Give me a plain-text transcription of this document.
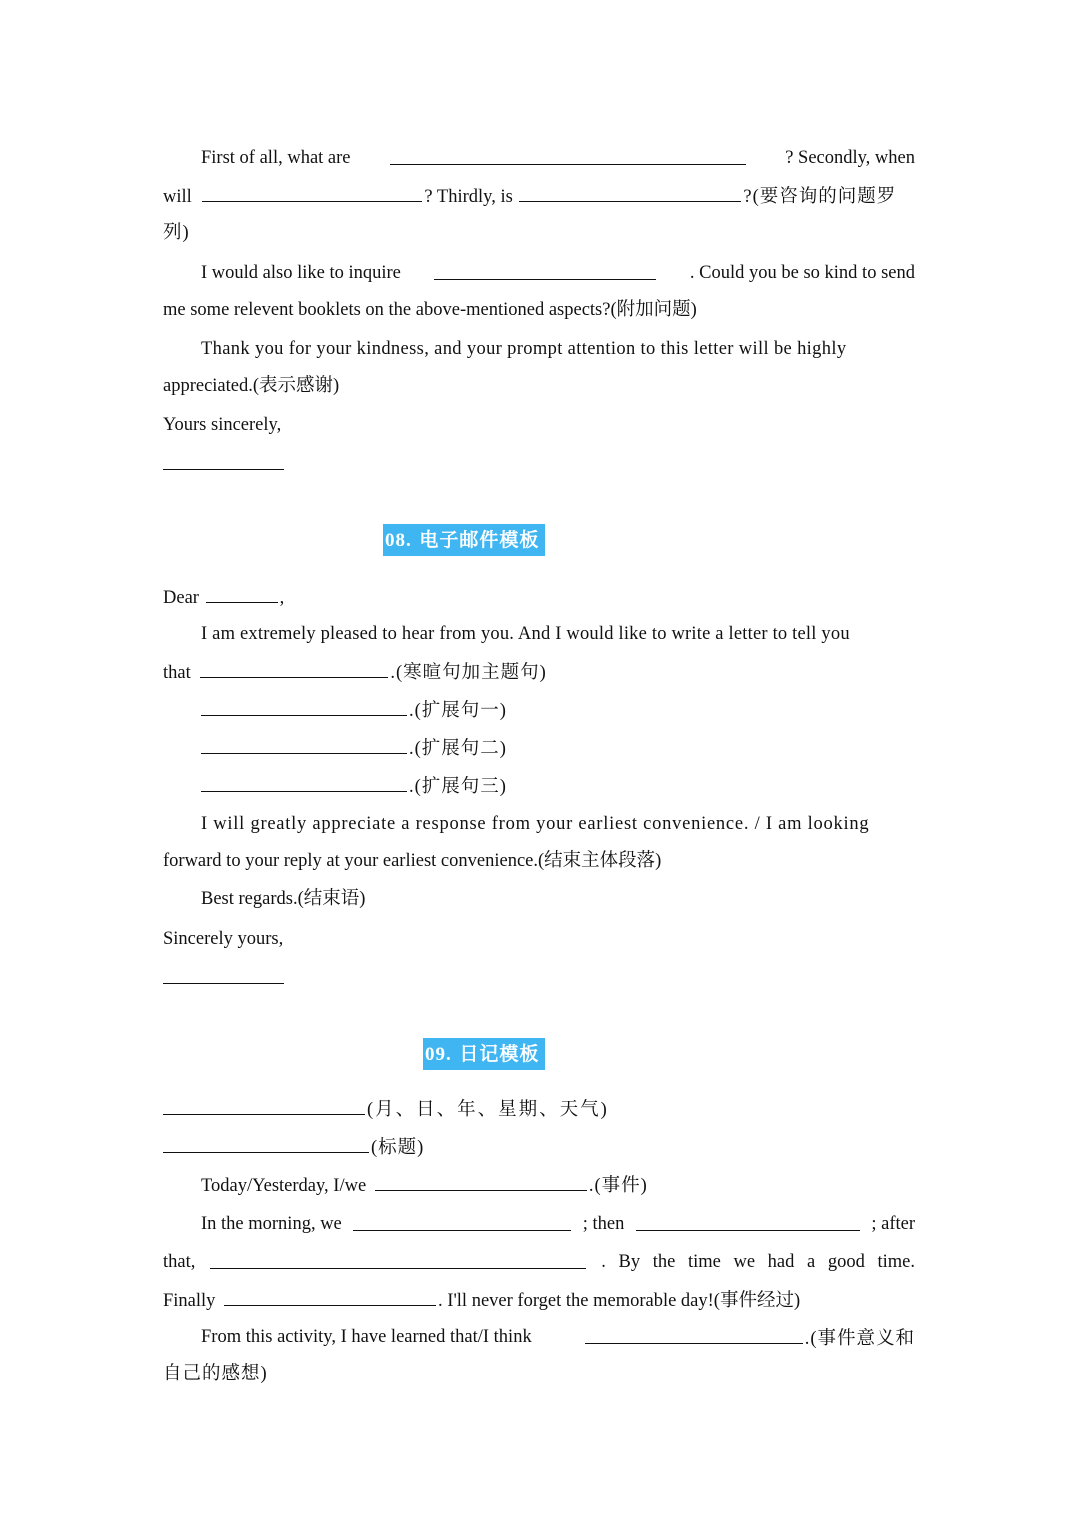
First of all, what are	? Secondly, when
will	? Thirdly, is	?(要咨询的问题罗
列)
I would also like to inquire	. Could you be so kind to send
me some relevent booklets on the above-mentioned aspects?(附加问题)
Thank you for your kindness, and your prompt attention to this letter will be highly
appreciated.(表示感谢)
Yours sincerely,
08. 电子邮件模板
Dear	,
I am extremely pleased to hear from you. And I would like to write a letter to tell you
that	.(寒暄句加主题句)
.(扩展句一)
.(扩展句二)
.(扩展句三)
I will greatly appreciate a response from your earliest convenience. / I am looking
forward to your reply at your earliest convenience.(结束主体段落)
Best regards.(结束语)
Sincerely yours,
09. 日记模板
(月、日、年、星期、天气)
(标题)
Today/Yesterday, I/we	.(事件)
In the morning, we	; then	; after
that,	. By the time we had a good time.
Finally	. I'll never forget the memorable day!(事件经过)
From this activity, I have learned that/I think	.(事件意义和
自己的感想)
